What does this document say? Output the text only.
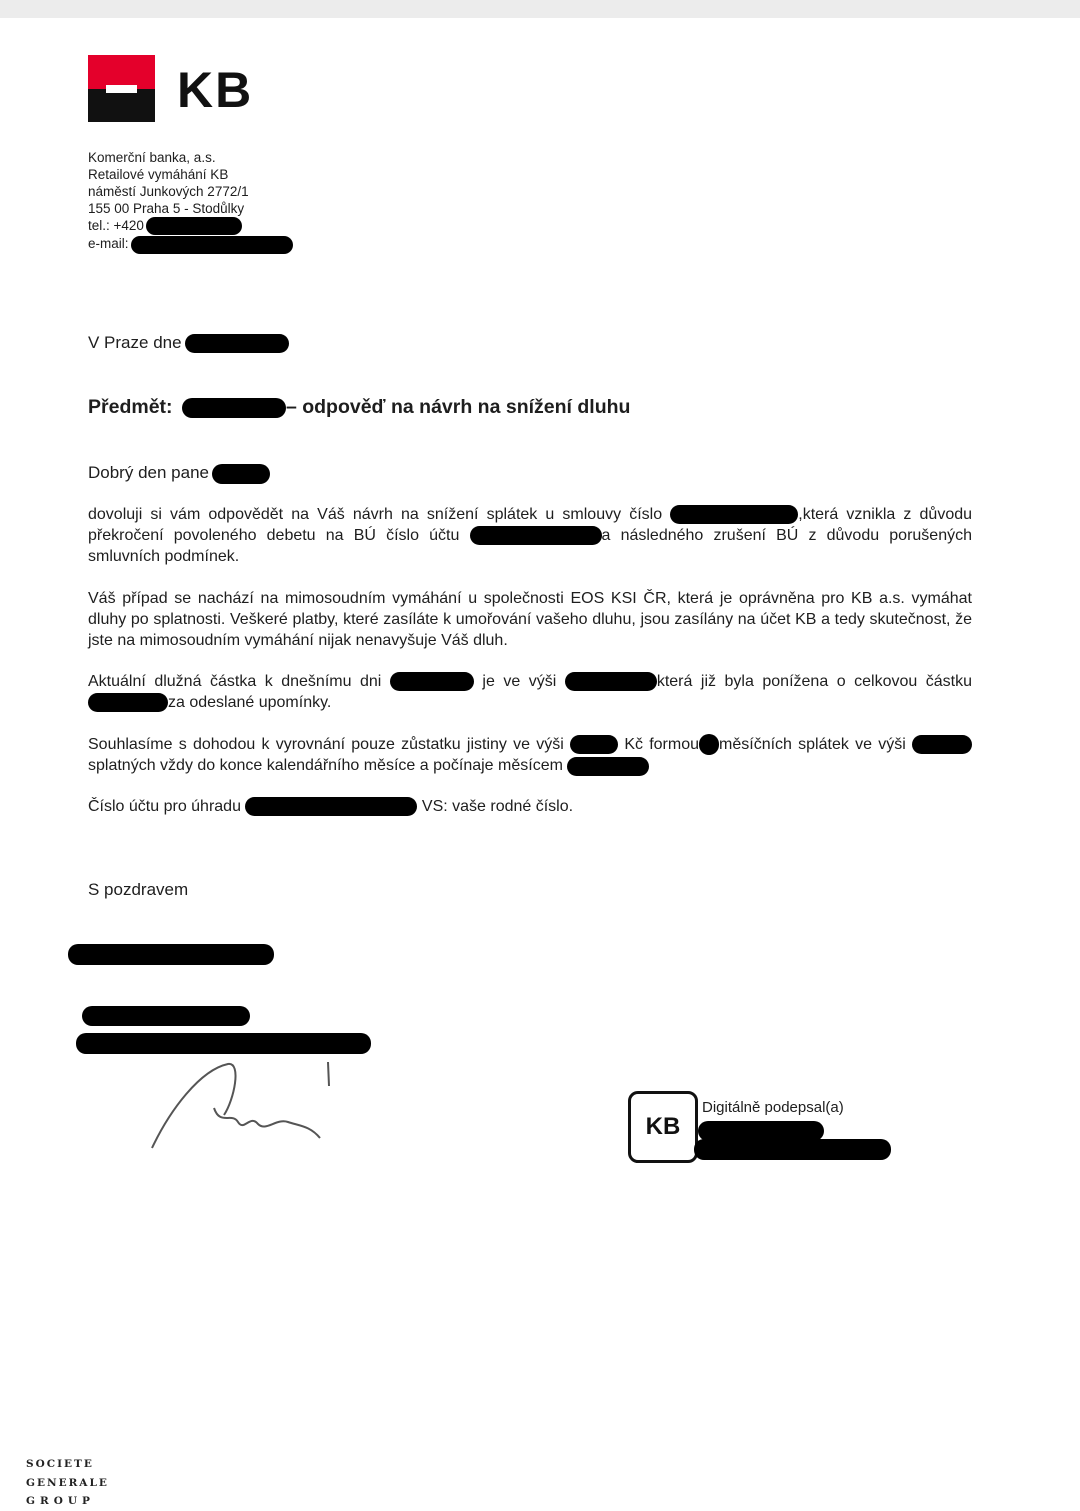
KB
Komerční banka, a.s.
Retailové vymáhání KB
náměstí Junkových 2772/1
155 00 Praha 5 - Stodůlky
tel.: +420
e-mail:
V Praze dne
Předmět:	– odpověď na návrh na snížení dluhu
Dobrý den pane
dovoluji si vám odpovědět na Váš návrh na snížení splátek u smlouvy číslo	,která vznikla z důvodu překročení povoleného debetu na BÚ číslo účtu	a následného zrušení BÚ z důvodu porušených smluvních podmínek.
Váš případ se nachází na mimosoudním vymáhání u společnosti EOS KSI ČR, která je oprávněna pro KB a.s. vymáhat dluhy po splatnosti. Veškeré platby, které zasíláte k umořování vašeho dluhu, jsou zasílány na účet KB a tedy skutečnost, že jste na mimosoudním vymáhání nijak nenavyšuje Váš dluh.
Aktuální dlužná částka k dnešnímu dni	je ve výši	která již byla ponížena o celkovou částkuza odeslané upomínky.
Souhlasíme s dohodou k vyrovnání pouze zůstatku jistiny ve výši	Kč formou měsíčních splátek ve výši  splatných vždy do konce kalendářního měsíce a počínaje měsícem
Číslo účtu pro úhradu	VS: vaše rodné číslo.
S pozdravem
KB
Digitálně podepsal(a)
SOCIETE
GENERALE
GROUP
